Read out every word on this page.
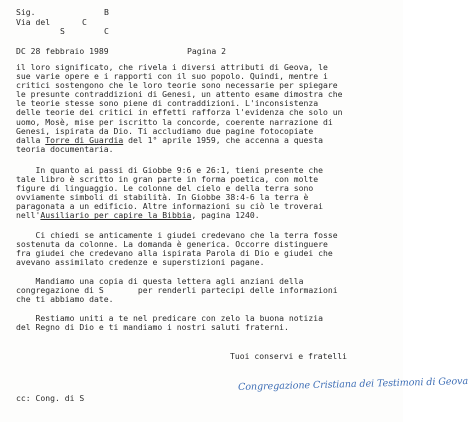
Sig.	B
Via del	C
S	C
DC 28 febbraio 1989	Pagina 2
il loro significato, che rivela i diversi attributi di Geova, le
sue varie opere e i rapporti con il suo popolo. Quindi, mentre i
critici sostengono che le loro teorie sono necessarie per spiegare
le presunte contraddizioni di Genesi, un attento esame dimostra che
le teorie stesse sono piene di contraddizioni. L'inconsistenza
delle teorie dei critici in effetti rafforza l'evidenza che solo un
uomo, Mosè, mise per iscritto la concorde, coerente narrazione di
Genesi, ispirata da Dio. Ti accludiamo due pagine fotocopiate
dalla Torre di Guardia del 1° aprile 1959, che accenna a questa
teoria documentaria.
In quanto ai passi di Giobbe 9:6 e 26:1, tieni presente che
tale libro è scritto in gran parte in forma poetica, con molte
figure di linguaggio. Le colonne del cielo e della terra sono
ovviamente simboli di stabilità. In Giobbe 38:4-6 la terra è
paragonata a un edificio. Altre informazioni su ciò le troverai
nell'Ausiliario per capire la Bibbia, pagina 1240.
Ci chiedi se anticamente i giudei credevano che la terra fosse
sostenuta da colonne. La domanda è generica. Occorre distinguere
fra giudei che credevano alla ispirata Parola di Dio e giudei che
avevano assimilato credenze e superstizioni pagane.
Mandiamo una copia di questa lettera agli anziani della
congregazione di S       per renderli partecipi delle informazioni
che ti abbiamo date.
Restiamo uniti a te nel predicare con zelo la buona notizia
del Regno di Dio e ti mandiamo i nostri saluti fraterni.
Tuoi conservi e fratelli
Congregazione Cristiana dei Testimoni di Geova
cc: Cong. di S
